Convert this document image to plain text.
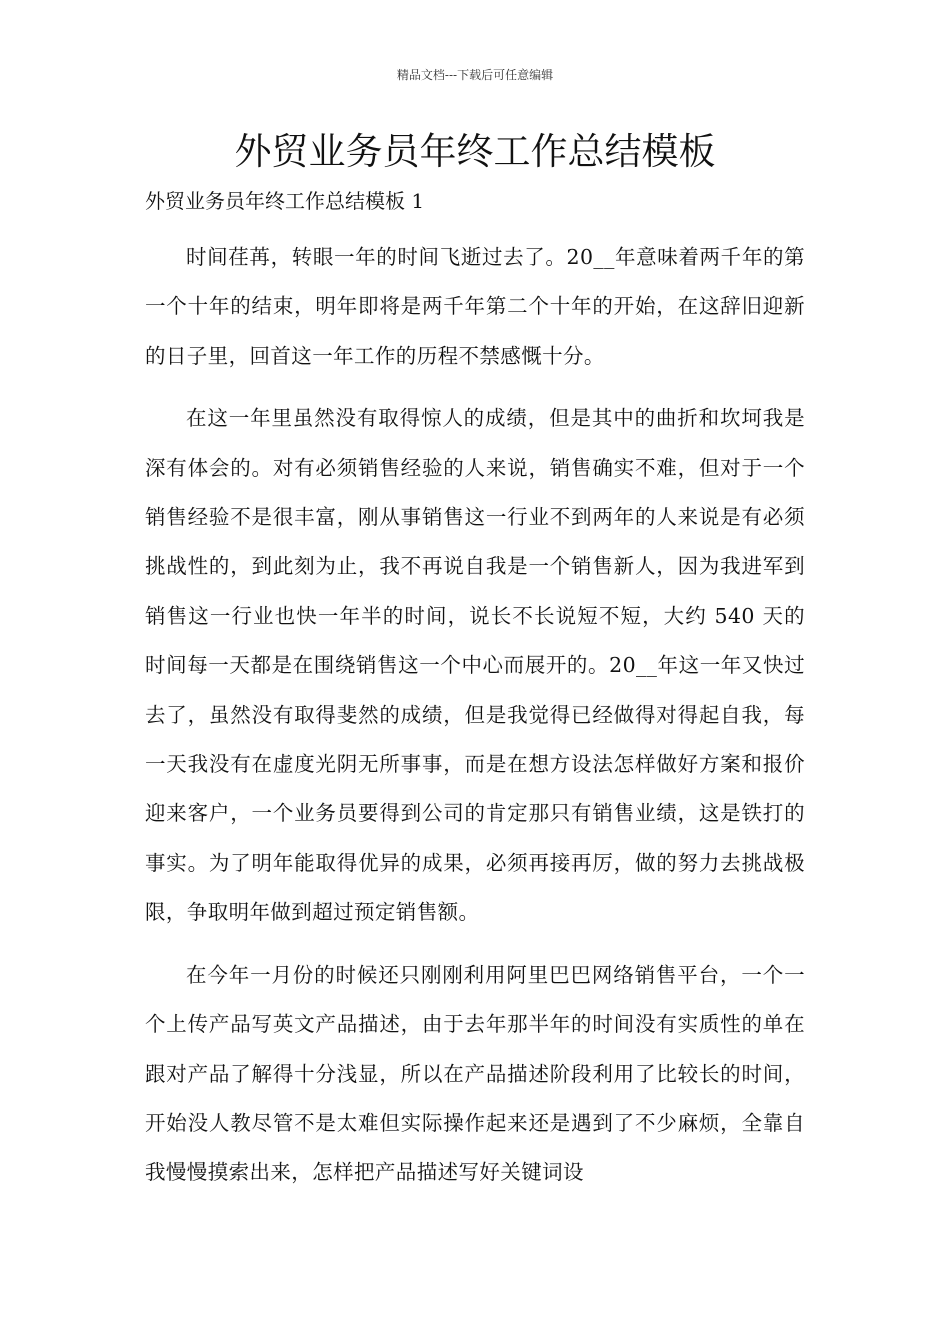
精品文档---下载后可任意编辑
外贸业务员年终工作总结模板

外贸业务员年终工作总结模板 1

时间荏苒，转眼一年的时间飞逝过去了。20__年意味着两千年的第一个十年的结束，明年即将是两千年第二个十年的开始，在这辞旧迎新的日子里，回首这一年工作的历程不禁感慨十分。

在这一年里虽然没有取得惊人的成绩，但是其中的曲折和坎坷我是深有体会的。对有必须销售经验的人来说，销售确实不难，但对于一个销售经验不是很丰富，刚从事销售这一行业不到两年的人来说是有必须挑战性的，到此刻为止，我不再说自我是一个销售新人，因为我进军到销售这一行业也快一年半的时间，说长不长说短不短，大约 540 天的时间每一天都是在围绕销售这一个中心而展开的。20__年这一年又快过去了，虽然没有取得斐然的成绩，但是我觉得已经做得对得起自我，每一天我没有在虚度光阴无所事事，而是在想方设法怎样做好方案和报价迎来客户，一个业务员要得到公司的肯定那只有销售业绩，这是铁打的事实。为了明年能取得优异的成果，必须再接再厉，做的努力去挑战极限，争取明年做到超过预定销售额。

在今年一月份的时候还只刚刚利用阿里巴巴网络销售平台，一个一个上传产品写英文产品描述，由于去年那半年的时间没有实质性的单在跟对产品了解得十分浅显，所以在产品描述阶段利用了比较长的时间，开始没人教尽管不是太难但实际操作起来还是遇到了不少麻烦，全靠自我慢慢摸索出来，怎样把产品描述写好关键词设
